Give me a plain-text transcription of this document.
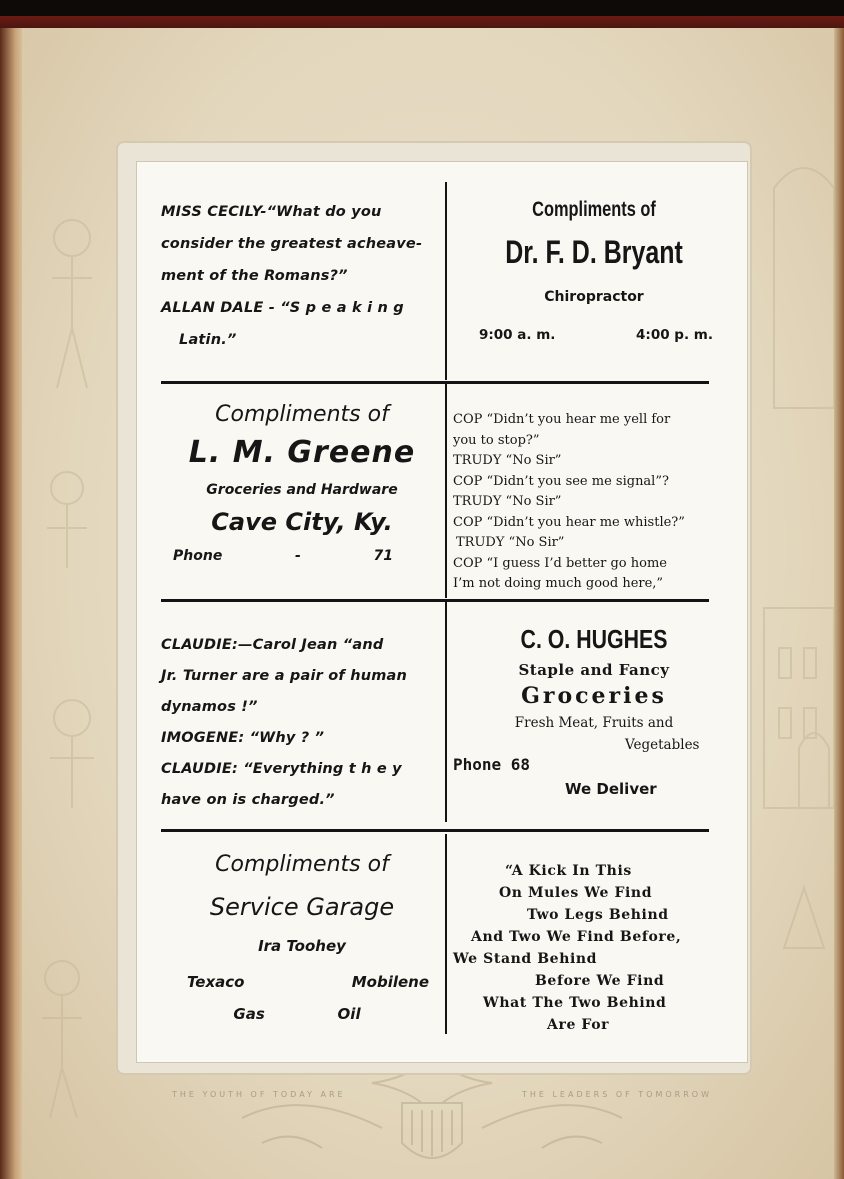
THE YOUTH OF TODAY ARE	THE LEADERS OF TOMORROW

MISS CECILY-“What do you

consider the greatest acheave-

ment of the Romans?”

ALLAN DALE - “S p e a k i n g

Latin.”

Compliments of
Dr. F. D. Bryant
Chiropractor
9:00 a. m.	4:00 p. m.
Compliments of
L. M. Greene
Groceries and Hardware
Cave City, Ky.
Phone	-	71

COP “Didn’t you hear me yell for

you to stop?”

TRUDY “No Sir”

COP “Didn’t you see me signal”?

TRUDY “No Sir”

COP “Didn’t you hear me whistle?”

TRUDY “No Sir”

COP “I guess I’d better go home

I’m not doing much good here,”

CLAUDIE:—Carol Jean “and

Jr. Turner are a pair of human

dynamos !”

IMOGENE: “Why ? ”

CLAUDIE: “Everything t h e y

have on is charged.”

C. O. HUGHES
Staple and Fancy
Groceries
Fresh Meat, Fruits and
Vegetables
Phone 68
We Deliver
Compliments of
Service Garage
Ira Toohey
Texaco	Mobilene
Gas	Oil

“A Kick In This

On Mules We Find

Two Legs Behind

And Two We Find Before,

We Stand Behind

Before We Find

What The Two Behind

Are For
